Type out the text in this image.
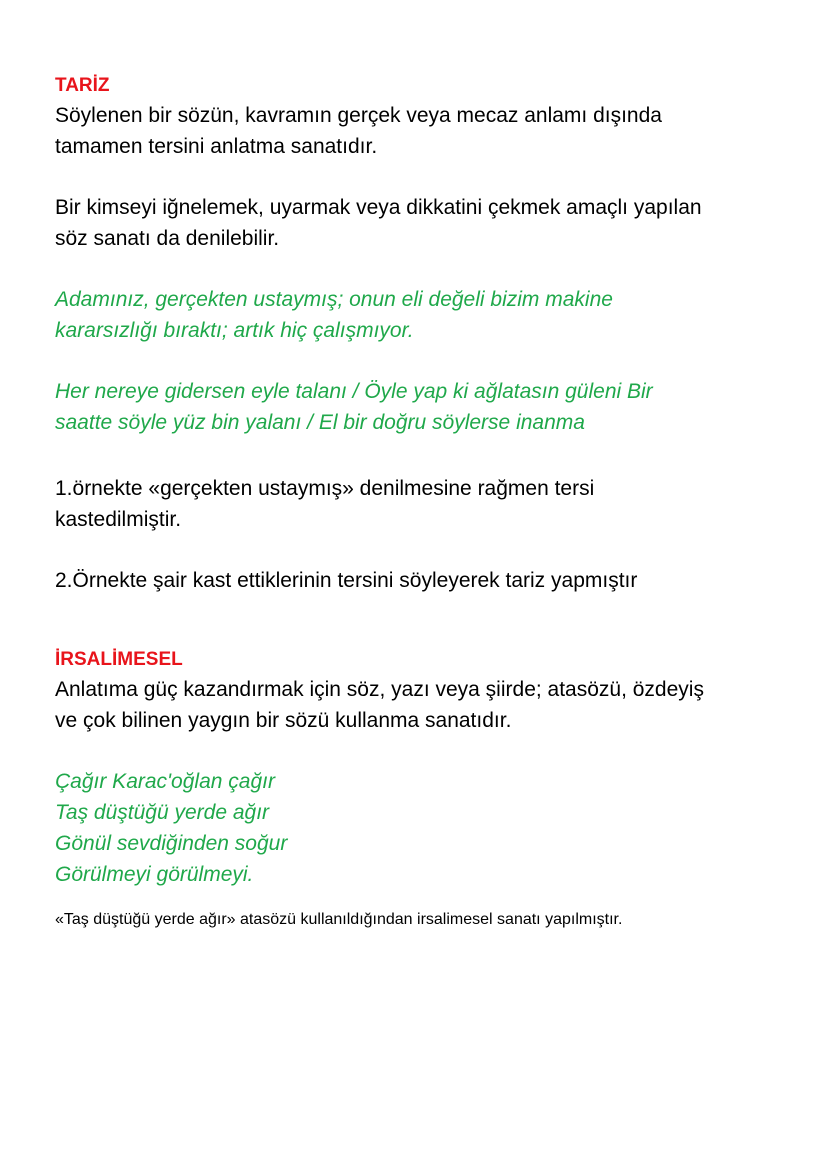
TARİZ
Söylenen bir sözün, kavramın gerçek veya mecaz anlamı dışında
tamamen tersini anlatma sanatıdır.
Bir kimseyi iğnelemek, uyarmak veya dikkatini çekmek amaçlı yapılan
söz sanatı da denilebilir.
Adamınız, gerçekten ustaymış; onun eli değeli bizim makine
kararsızlığı bıraktı; artık hiç çalışmıyor.
Her nereye gidersen eyle talanı / Öyle yap ki ağlatasın güleni Bir
saatte söyle yüz bin yalanı / El bir doğru söylerse inanma
1.örnekte «gerçekten ustaymış» denilmesine rağmen tersi
kastedilmiştir.
2.Örnekte şair kast ettiklerinin tersini söyleyerek tariz yapmıştır
İRSALİMESEL
Anlatıma güç kazandırmak için söz, yazı veya şiirde; atasözü, özdeyiş
ve çok bilinen yaygın bir sözü kullanma sanatıdır.
Çağır Karac'oğlan çağır
Taş düştüğü yerde ağır
Gönül sevdiğinden soğur
Görülmeyi görülmeyi.
«Taş düştüğü yerde ağır» atasözü kullanıldığından irsalimesel sanatı yapılmıştır.
